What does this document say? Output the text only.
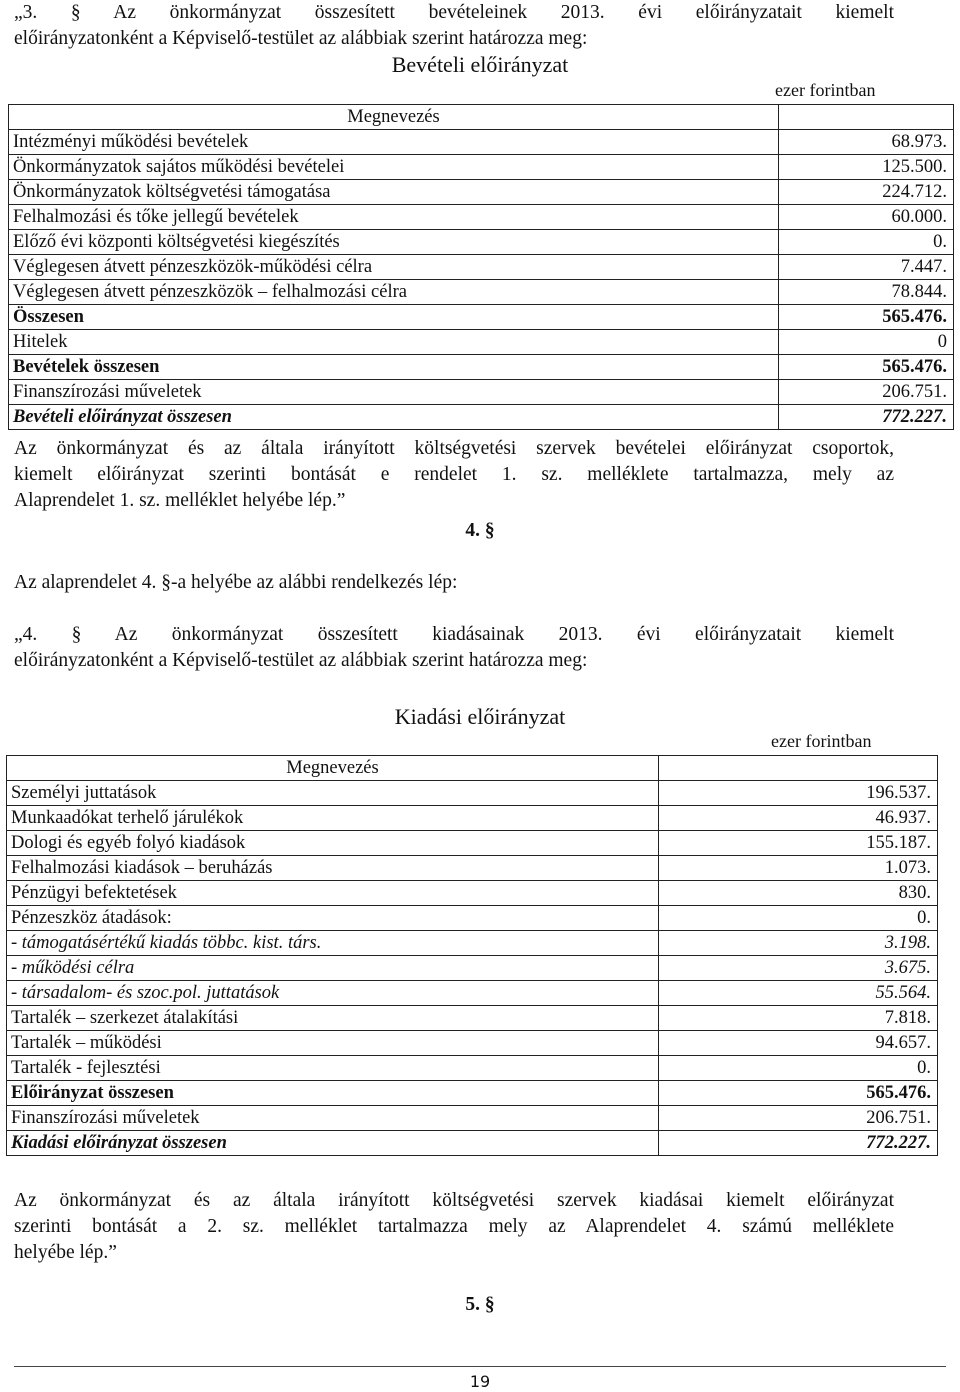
„3. § Az önkormányzat összesített bevételeinek 2013. évi előirányzatait kiemelt
előirányzatonként a Képviselő-testület az alábbiak szerint határozza meg:
Bevételi előirányzat
ezer forintban
Megnevezés	
Intézményi működési bevételek	68.973.
Önkormányzatok sajátos működési bevételei	125.500.
Önkormányzatok költségvetési támogatása	224.712.
Felhalmozási és tőke jellegű bevételek	60.000.
Előző évi központi költségvetési kiegészítés	0.
Véglegesen átvett pénzeszközök-működési célra	7.447.
Véglegesen átvett pénzeszközök – felhalmozási célra	78.844.
Összesen	565.476.
Hitelek	0
Bevételek összesen	565.476.
Finanszírozási műveletek	206.751.
Bevételi előirányzat összesen	772.227.
Az önkormányzat és az általa irányított költségvetési szervek bevételei előirányzat csoportok,
kiemelt előirányzat szerinti bontását e rendelet 1. sz. melléklete tartalmazza, mely az
Alaprendelet 1. sz. melléklet helyébe lép.”
4. §
Az alaprendelet 4. §-a helyébe az alábbi rendelkezés lép:
„4. § Az önkormányzat összesített kiadásainak 2013. évi előirányzatait kiemelt
előirányzatonként a Képviselő-testület az alábbiak szerint határozza meg:
Kiadási előirányzat
ezer forintban
Megnevezés	
Személyi juttatások	196.537.
Munkaadókat terhelő járulékok	46.937.
Dologi és egyéb folyó kiadások	155.187.
Felhalmozási kiadások – beruházás	1.073.
Pénzügyi befektetések	830.
Pénzeszköz átadások:	0.
- támogatásértékű kiadás többc. kist. társ.	3.198.
- működési célra	3.675.
- társadalom- és szoc.pol. juttatások	55.564.
Tartalék – szerkezet átalakítási	7.818.
Tartalék – működési	94.657.
Tartalék - fejlesztési	0.
Előirányzat összesen	565.476.
Finanszírozási műveletek	206.751.
Kiadási előirányzat összesen	772.227.
Az önkormányzat és az általa irányított költségvetési szervek kiadásai kiemelt előirányzat
szerinti bontását a 2. sz. melléklet tartalmazza mely az Alaprendelet 4. számú melléklete
helyébe lép.”
5. §
19
